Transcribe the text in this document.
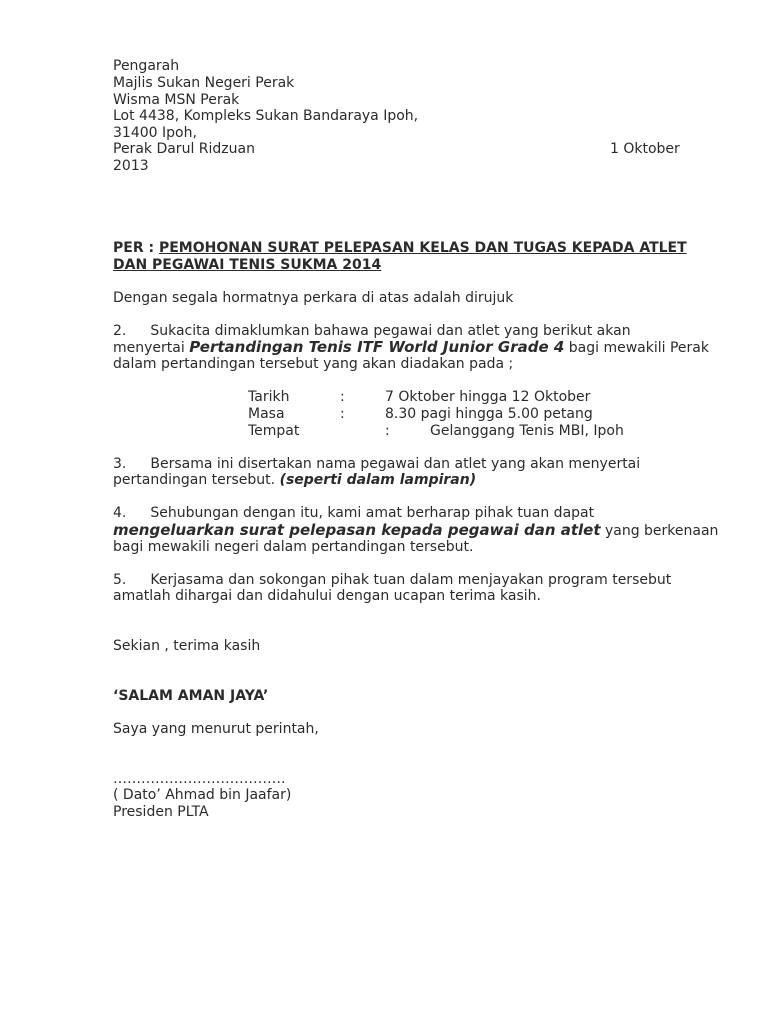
Pengarah
Majlis Sukan Negeri Perak
Wisma MSN Perak
Lot 4438, Kompleks Sukan Bandaraya Ipoh,
31400 Ipoh,
Perak Darul Ridzuan	1 Oktober
2013
PER : PEMOHONAN SURAT PELEPASAN KELAS DAN TUGAS KEPADA ATLET
DAN PEGAWAI TENIS SUKMA 2014
Dengan segala hormatnya perkara di atas adalah dirujuk
2. Sukacita dimaklumkan bahawa pegawai dan atlet yang berikut akan
menyertai Pertandingan Tenis ITF World Junior Grade 4 bagi mewakili Perak
dalam pertandingan tersebut yang akan diadakan pada ;
Tarikh	:	7 Oktober hingga 12 Oktober
Masa	:	8.30 pagi hingga 5.00 petang
Tempat	:	Gelanggang Tenis MBI, Ipoh
3. Bersama ini disertakan nama pegawai dan atlet yang akan menyertai
pertandingan tersebut. (seperti dalam lampiran)
4. Sehubungan dengan itu, kami amat berharap pihak tuan dapat
mengeluarkan surat pelepasan kepada pegawai dan atlet yang berkenaan
bagi mewakili negeri dalam pertandingan tersebut.
5. Kerjasama dan sokongan pihak tuan dalam menjayakan program tersebut
amatlah dihargai dan didahului dengan ucapan terima kasih.
Sekian , terima kasih
‘SALAM AMAN JAYA’
Saya yang menurut perintah,
……………………………….
( Dato’ Ahmad bin Jaafar)
Presiden PLTA
